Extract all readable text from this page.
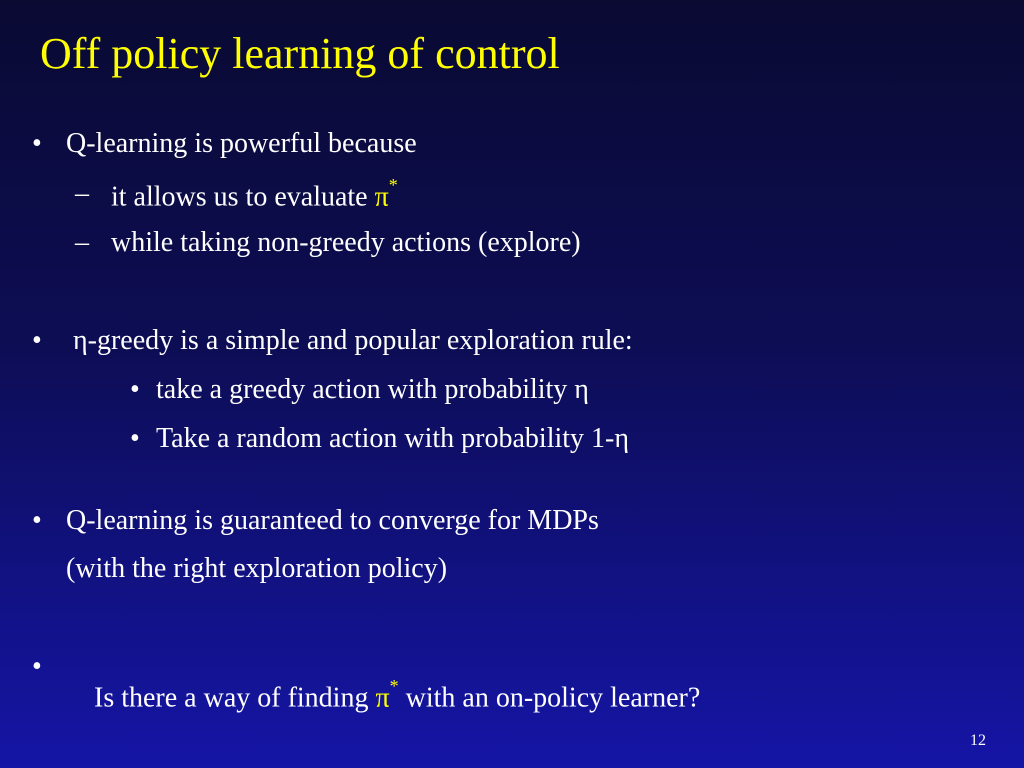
Off policy learning of control
• Q-learning is powerful because
– it allows us to evaluate π*
– while taking non-greedy actions (explore)
• η-greedy is a simple and popular exploration rule:
• take a greedy action with probability η
• Take a random action with probability 1-η
• Q-learning is guaranteed to converge for MDPs
(with the right exploration policy)
•

Is there a way of finding π* with an on-policy learner?

12
